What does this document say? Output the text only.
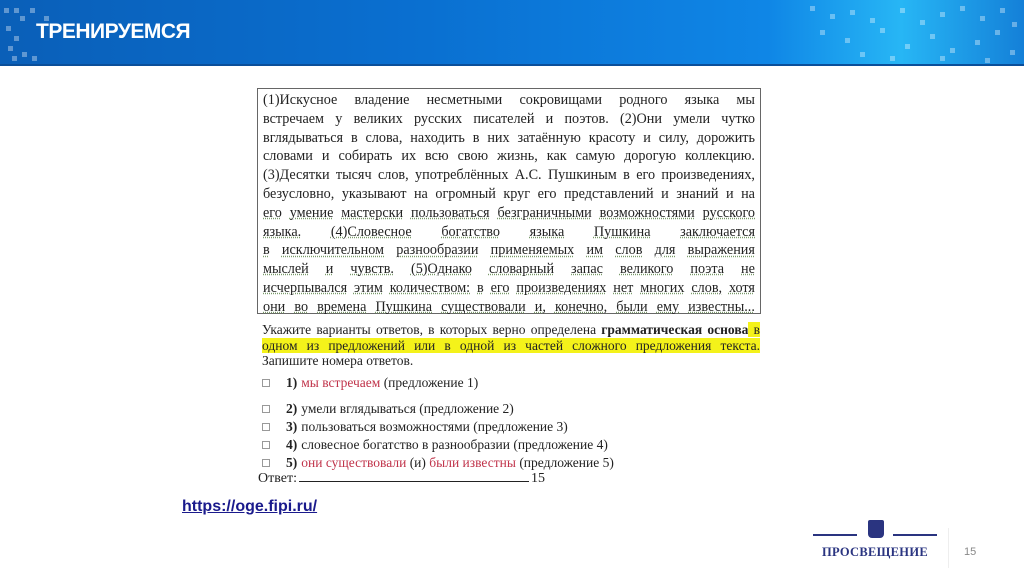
ТРЕНИРУЕМСЯ
(1)Искусное владение несметными сокровищами родного языка мы
встречаем у великих русских писателей и поэтов. (2)Они умели чутко
вглядываться в слова, находить в них затаённую красоту и силу, дорожить
словами и собирать их всю свою жизнь, как самую дорогую коллекцию.
(3)Десятки тысяч слов, употреблённых А.С. Пушкиным в его произведениях,
безусловно, указывают на огромный круг его представлений и знаний и на
его умение мастерски пользоваться безграничными возможностями русского
языка. (4)Словесное богатство языка Пушкина заключается
в исключительном разнообразии применяемых им слов для выражения
мыслей и чувств. (5)Однако словарный запас великого поэта не
исчерпывался этим количеством: в его произведениях нет многих слов, хотя
они во времена Пушкина существовали и, конечно, были ему известны...
Укажите варианты ответов, в которых верно определена грамматическая основа в одном из предложений или в одной из частей сложного предложения текста. Запишите номера ответов.
1) мы встречаем (предложение 1)
2) умели вглядываться (предложение 2)
3) пользоваться возможностями (предложение 3)
4) словесное богатство в разнообразии (предложение 4)
5) они существовали (и) были известны (предложение 5)
Ответ:	15
https://oge.fipi.ru/
ПРОСВЕЩЕНИЕ	15
